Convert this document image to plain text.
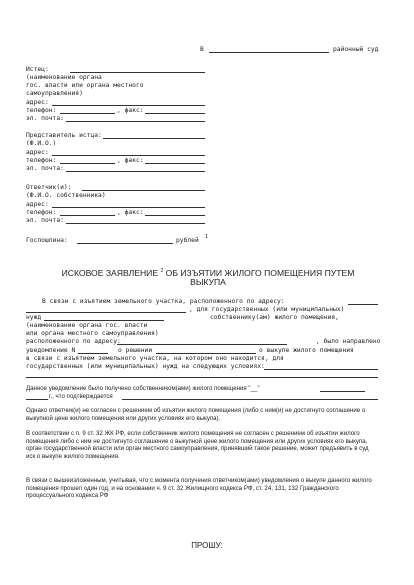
В	районный суд
Истец:
(наименование органа
гос. власти или органа местного
самоуправления)
адрес:
телефон:	, факс:
эл. почта:
Представитель истца:
(Ф.И.О.)
адрес:
телефон:	, факс:
эл. почта:
Ответчик(и):
(Ф.И.О. собственника)
адрес:
телефон:	, факс:
эл. почта:
Госпошлина:	рублей 1
ИСКОВОЕ ЗАЯВЛЕНИЕ $^2$ ОБ ИЗЪЯТИИ ЖИЛОГО ПОМЕЩЕНИЯ ПУТЕМ
ВЫКУПА
В связи с изъятием земельного участка, расположенного по адресу:
, для государственных (или муниципальных)
нужд	собственнику(ам) жилого помещения,
(наименование органа гос. власти
или органа местного самоуправления)
расположенного по адресу:	, было направлено
уведомление N	о решении	о выкупе жилого помещения
в связи с изъятием земельного участка, на котором оно находится, для
государственных (или муниципальных) нужд на следующих условиях:
Данное уведомление было получено собственником(ами) жилого помещения "__"
г., что подтверждается
Однако ответчик(и) не согласен с решением об изъятии жилого помещения (либо с ним(и) не достигнуто соглашение о выкупной цене жилого помещения или других условиях его выкупа).
В соответствии с п. 9 ст. 32 ЖК РФ, если собственник жилого помещения не согласен с решением об изъятии жилого помещения либо с ним не достигнуто соглашение о выкупной цене жилого помещения или других условиях его выкупа, орган государственной власти или орган местного самоуправления, принявший такое решение, может предъявить в суд иск о выкупе жилого помещения.
В связи с вышеизложенным, учитывая, что с момента получения ответчиком(ами) уведомления о выкупе данного жилого помещения прошел один год, и на основании ч. 9 ст. 32 Жилищного кодекса РФ, ст. 24, 131, 132 Гражданского процессуального кодекса РФ
ПРОШУ:
